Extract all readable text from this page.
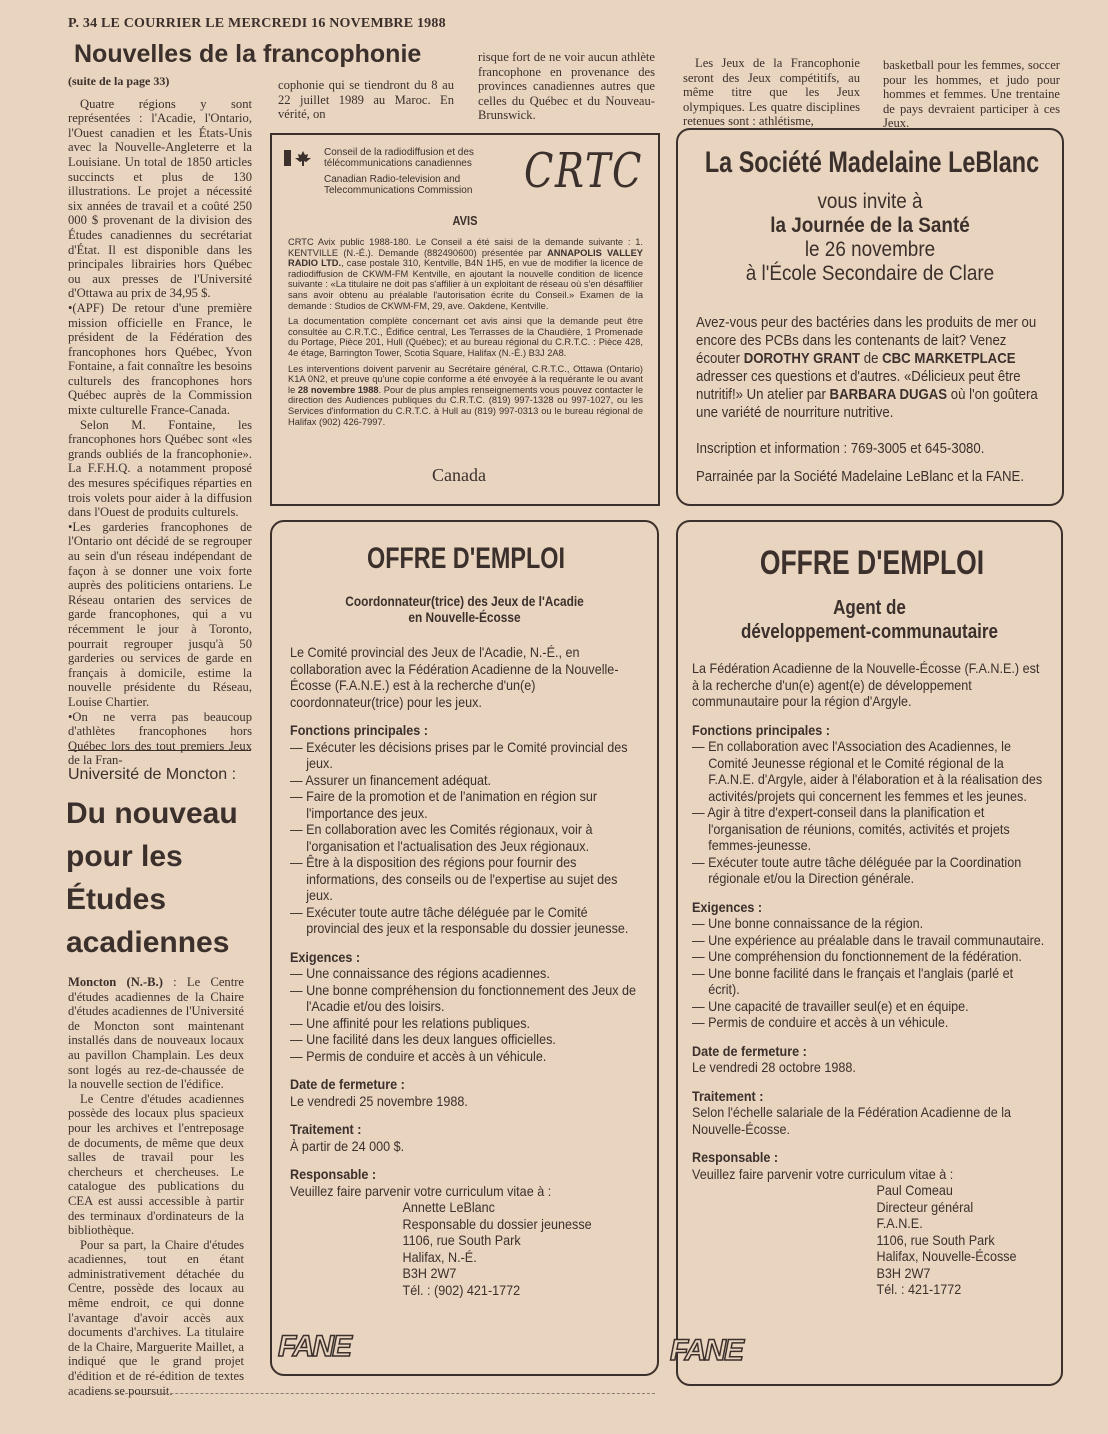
P. 34 LE COURRIER LE MERCREDI 16 NOVEMBRE 1988
Nouvelles de la francophonie
(suite de la page 33)

Quatre régions y sont représentées : l'Acadie, l'Ontario, l'Ouest canadien et les États-Unis avec la Nouvelle-Angleterre et la Louisiane. Un total de 1850 articles succincts et plus de 130 illustrations. Le projet a nécessité six années de travail et a coûté 250 000 $ provenant de la division des Études canadiennes du secrétariat d'État. Il est disponible dans les principales librairies hors Québec ou aux presses de l'Université d'Ottawa au prix de 34,95 $.

•(APF) De retour d'une première mission officielle en France, le président de la Fédération des francophones hors Québec, Yvon Fontaine, a fait connaître les besoins culturels des francophones hors Québec auprès de la Commission mixte culturelle France-Canada.

Selon M. Fontaine, les francophones hors Québec sont «les grands oubliés de la francophonie». La F.F.H.Q. a notamment proposé des mesures spécifiques réparties en trois volets pour aider à la diffusion dans l'Ouest de produits culturels.

•Les garderies francophones de l'Ontario ont décidé de se regrouper au sein d'un réseau indépendant de façon à se donner une voix forte auprès des politiciens ontariens. Le Réseau ontarien des services de garde francophones, qui a vu récemment le jour à Toronto, pourrait regrouper jusqu'à 50 garderies ou services de garde en français à domicile, estime la nouvelle présidente du Réseau, Louise Chartier.

•On ne verra pas beaucoup d'athlètes francophones hors Québec lors des tout premiers Jeux de la Fran-

cophonie qui se tiendront du 8 au 22 juillet 1989 au Maroc. En vérité, on
risque fort de ne voir aucun athlète francophone en provenance des provinces canadiennes autres que celles du Québec et du Nouveau-Brunswick.
Les Jeux de la Francophonie seront des Jeux compétitifs, au même titre que les Jeux olympiques. Les quatre disciplines retenues sont : athlétisme,
basketball pour les femmes, soccer pour les hommes, et judo pour hommes et femmes. Une trentaine de pays devraient participer à ces Jeux.
Conseil de la radiodiffusion et des
télécommunications canadiennes
Canadian Radio-television and
Telecommunications Commission CRTC
AVIS

CRTC Avix public 1988-180. Le Conseil a été saisi de la demande suivante : 1. KENTVILLE (N.-É.). Demande (882490600) présentée par ANNAPOLIS VALLEY RADIO LTD., case postale 310, Kentville, B4N 1H5, en vue de modifier la licence de radiodiffusion de CKWM-FM Kentville, en ajoutant la nouvelle condition de licence suivante : «La titulaire ne doit pas s'affilier à un exploitant de réseau où s'en désaffilier sans avoir obtenu au préalable l'autorisation écrite du Conseil.» Examen de la demande : Studios de CKWM-FM, 29, ave. Oakdene, Kentville.

La documentation complète concernant cet avis ainsi que la demande peut être consultée au C.R.T.C., Édifice central, Les Terrasses de la Chaudière, 1 Promenade du Portage, Pièce 201, Hull (Québec); et au bureau régional du C.R.T.C. : Pièce 428, 4e étage, Barrington Tower, Scotia Square, Halifax (N.-É.) B3J 2A8.

Les interventions doivent parvenir au Secrétaire général, C.R.T.C., Ottawa (Ontario) K1A 0N2, et preuve qu'une copie conforme a été envoyée à la requérante le ou avant le 28 novembre 1988. Pour de plus amples renseignements vous pouvez contacter le direction des Audiences publiques du C.R.T.C. (819) 997-1328 ou 997-1027, ou les Services d'information du C.R.T.C. à Hull au (819) 997-0313 ou le bureau régional de Halifax (902) 426-7997.

Canada
La Société Madelaine LeBlanc
vous invite à
la Journée de la Santé
le 26 novembre
à l'École Secondaire de Clare
Avez-vous peur des bactéries dans les produits de mer ou encore des PCBs dans les contenants de lait? Venez écouter DOROTHY GRANT de CBC MARKETPLACE adresser ces questions et d'autres. «Délicieux peut être nutritif!» Un atelier par BARBARA DUGAS où l'on goûtera une variété de nourriture nutritive.
Inscription et information : 769-3005 et 645-3080.
Parrainée par la Société Madelaine LeBlanc et la FANE.
Université de Moncton :
Du nouveau
pour les
Études
acadiennes

Moncton (N.-B.) : Le Centre d'études acadiennes de la Chaire d'études acadiennes de l'Université de Moncton sont maintenant installés dans de nouveaux locaux au pavillon Champlain. Les deux sont logés au rez-de-chaussée de la nouvelle section de l'édifice.

Le Centre d'études acadiennes possède des locaux plus spacieux pour les archives et l'entreposage de documents, de même que deux salles de travail pour les chercheurs et chercheuses. Le catalogue des publications du CEA est aussi accessible à partir des terminaux d'ordinateurs de la bibliothèque.

Pour sa part, la Chaire d'études acadiennes, tout en étant administrativement détachée du Centre, possède des locaux au même endroit, ce qui donne l'avantage d'avoir accès aux documents d'archives. La titulaire de la Chaire, Marguerite Maillet, a indiqué que le grand projet d'édition et de ré-édition de textes acadiens se poursuit.

OFFRE D'EMPLOI
Coordonnateur(trice) des Jeux de l'Acadie
en Nouvelle-Écosse

Le Comité provincial des Jeux de l'Acadie, N.-É., en collaboration avec la Fédération Acadienne de la Nouvelle-Écosse (F.A.N.E.) est à la recherche d'un(e) coordonnateur(trice) pour les jeux.

Fonctions principales :

— Exécuter les décisions prises par le Comité provincial des jeux.

— Assurer un financement adéquat.

— Faire de la promotion et de l'animation en région sur l'importance des jeux.

— En collaboration avec les Comités régionaux, voir à l'organisation et l'actualisation des Jeux régionaux.

— Être à la disposition des régions pour fournir des informations, des conseils ou de l'expertise au sujet des jeux.

— Exécuter toute autre tâche déléguée par le Comité provincial des jeux et la responsable du dossier jeunesse.

Exigences :

— Une connaissance des régions acadiennes.

— Une bonne compréhension du fonctionnement des Jeux de l'Acadie et/ou des loisirs.

— Une affinité pour les relations publiques.

— Une facilité dans les deux langues officielles.

— Permis de conduire et accès à un véhicule.

Date de fermeture :

Le vendredi 25 novembre 1988.

Traitement :

À partir de 24 000 $.

Responsable :

Veuillez faire parvenir votre curriculum vitae à :

Annette LeBlanc

Responsable du dossier jeunesse

1106, rue South Park

Halifax, N.-É.

B3H 2W7

Tél. : (902) 421-1772

FANE
OFFRE D'EMPLOI
Agent de
développement-communautaire

La Fédération Acadienne de la Nouvelle-Écosse (F.A.N.E.) est à la recherche d'un(e) agent(e) de développement communautaire pour la région d'Argyle.

Fonctions principales :

— En collaboration avec l'Association des Acadiennes, le Comité Jeunesse régional et le Comité régional de la F.A.N.E. d'Argyle, aider à l'élaboration et à la réalisation des activités/projets qui concernent les femmes et les jeunes.

— Agir à titre d'expert-conseil dans la planification et l'organisation de réunions, comités, activités et projets femmes-jeunesse.

— Exécuter toute autre tâche déléguée par la Coordination régionale et/ou la Direction générale.

Exigences :

— Une bonne connaissance de la région.

— Une expérience au préalable dans le travail communautaire.

— Une compréhension du fonctionnement de la fédération.

— Une bonne facilité dans le français et l'anglais (parlé et écrit).

— Une capacité de travailler seul(e) et en équipe.

— Permis de conduire et accès à un véhicule.

Date de fermeture :

Le vendredi 28 octobre 1988.

Traitement :

Selon l'échelle salariale de la Fédération Acadienne de la Nouvelle-Écosse.

Responsable :

Veuillez faire parvenir votre curriculum vitae à :

Paul Comeau

Directeur général

F.A.N.E.

1106, rue South Park

Halifax, Nouvelle-Écosse

B3H 2W7

Tél. : 421-1772

FANE
